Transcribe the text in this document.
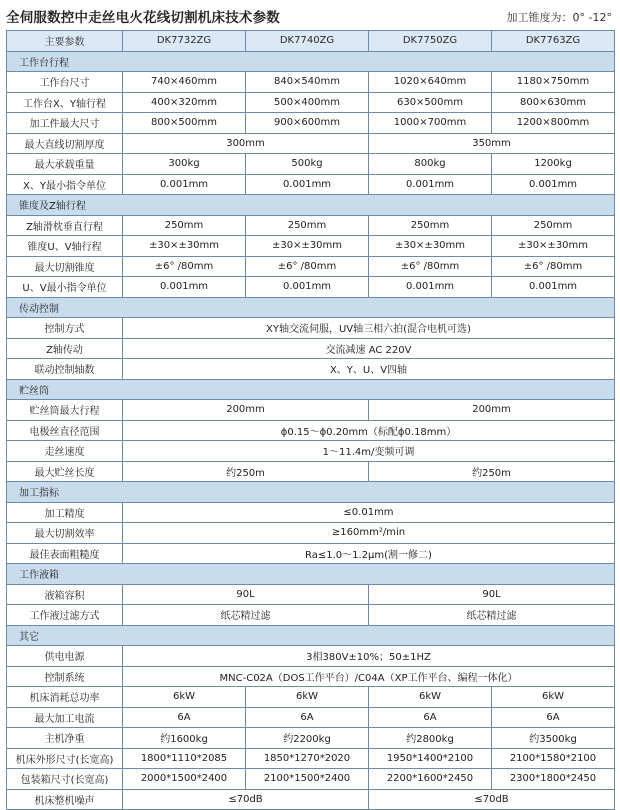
全伺服数控中走丝电火花线切割机床技术参数	加工锥度为：0° -12°
主要参数	DK7732ZG	DK7740ZG	DK7750ZG	DK7763ZG
工作台行程				
工作台尺寸	740×460mm	840×540mm	1020×640mm	1180×750mm
工作台X、Y轴行程	400×320mm	500×400mm	630×500mm	800×630mm
加工件最大尺寸	800×500mm	900×600mm	1000×700mm	1200×800mm
最大直线切割厚度	300mm		350mm	
最大承载重量	300kg	500kg	800kg	1200kg
X、Y最小指令单位	0.001mm	0.001mm	0.001mm	0.001mm
锥度及Z轴行程				
Z轴滑枕垂直行程	250mm	250mm	250mm	250mm
锥度U、V轴行程	±30×±30mm	±30×±30mm	±30×±30mm	±30×±30mm
最大切割锥度	±6° /80mm	±6° /80mm	±6° /80mm	±6° /80mm
U、V最小指令单位	0.001mm	0.001mm	0.001mm	0.001mm
传动控制				
控制方式	XY轴交流伺服，UV轴三相六拍(混合电机可选)			
Z轴传动	交流减速 AC 220V			
联动控制轴数	X、Y、U、V四轴			
贮丝筒				
贮丝筒最大行程	200mm		200mm	
电极丝直径范围	ϕ0.15～ϕ0.20mm（标配ϕ0.18mm）			
走丝速度	1～11.4m/变频可调			
最大贮丝长度	约250m		约250m	
加工指标				
加工精度	≤0.01mm			
最大切割效率	≥160mm²/min			
最佳表面粗糙度	Ra≤1.0～1.2μm(割一修二)			
工作液箱				
液箱容积	90L		90L	
工作液过滤方式	纸芯精过滤		纸芯精过滤	
其它				
供电电源	3相380V±10%；50±1HZ			
控制系统	MNC-C02A（DOS工作平台）/C04A（XP工作平台、编程一体化）			
机床消耗总功率	6kW	6kW	6kW	6kW
最大加工电流	6A	6A	6A	6A
主机净重	约1600kg	约2200kg	约2800kg	约3500kg
机床外形尺寸(长宽高)	1800*1110*2085	1850*1270*2020	1950*1400*2100	2100*1580*2100
包装箱尺寸(长宽高)	2000*1500*2400	2100*1500*2400	2200*1600*2450	2300*1800*2450
机床整机噪声	≤70dB		≤70dB	
